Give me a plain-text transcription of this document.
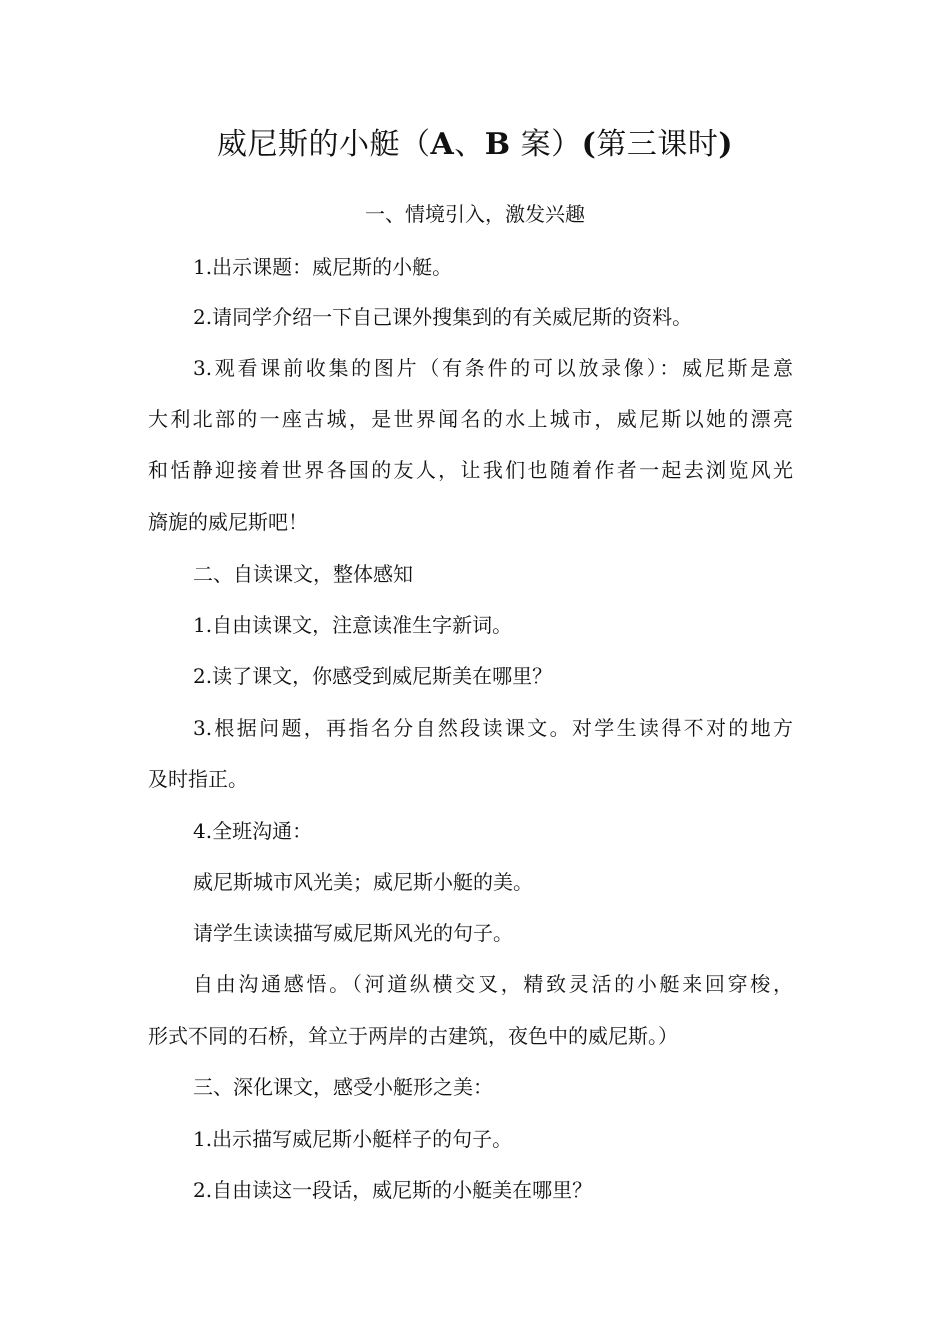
威尼斯的小艇（A、B 案）(第三课时)
一、情境引入，激发兴趣
1.出示课题：威尼斯的小艇。
2.请同学介绍一下自己课外搜集到的有关威尼斯的资料。
3.观看课前收集的图片（有条件的可以放录像）：威尼斯是意
大利北部的一座古城，是世界闻名的水上城市，威尼斯以她的漂亮
和恬静迎接着世界各国的友人，让我们也随着作者一起去浏览风光
旖旎的威尼斯吧！
二、自读课文，整体感知
1.自由读课文，注意读准生字新词。
2.读了课文，你感受到威尼斯美在哪里？
3.根据问题，再指名分自然段读课文。对学生读得不对的地方
及时指正。
4.全班沟通：
威尼斯城市风光美；威尼斯小艇的美。
请学生读读描写威尼斯风光的句子。
自由沟通感悟。（河道纵横交叉，精致灵活的小艇来回穿梭，
形式不同的石桥，耸立于两岸的古建筑，夜色中的威尼斯。）
三、深化课文，感受小艇形之美：
1.出示描写威尼斯小艇样子的句子。
2.自由读这一段话，威尼斯的小艇美在哪里？
